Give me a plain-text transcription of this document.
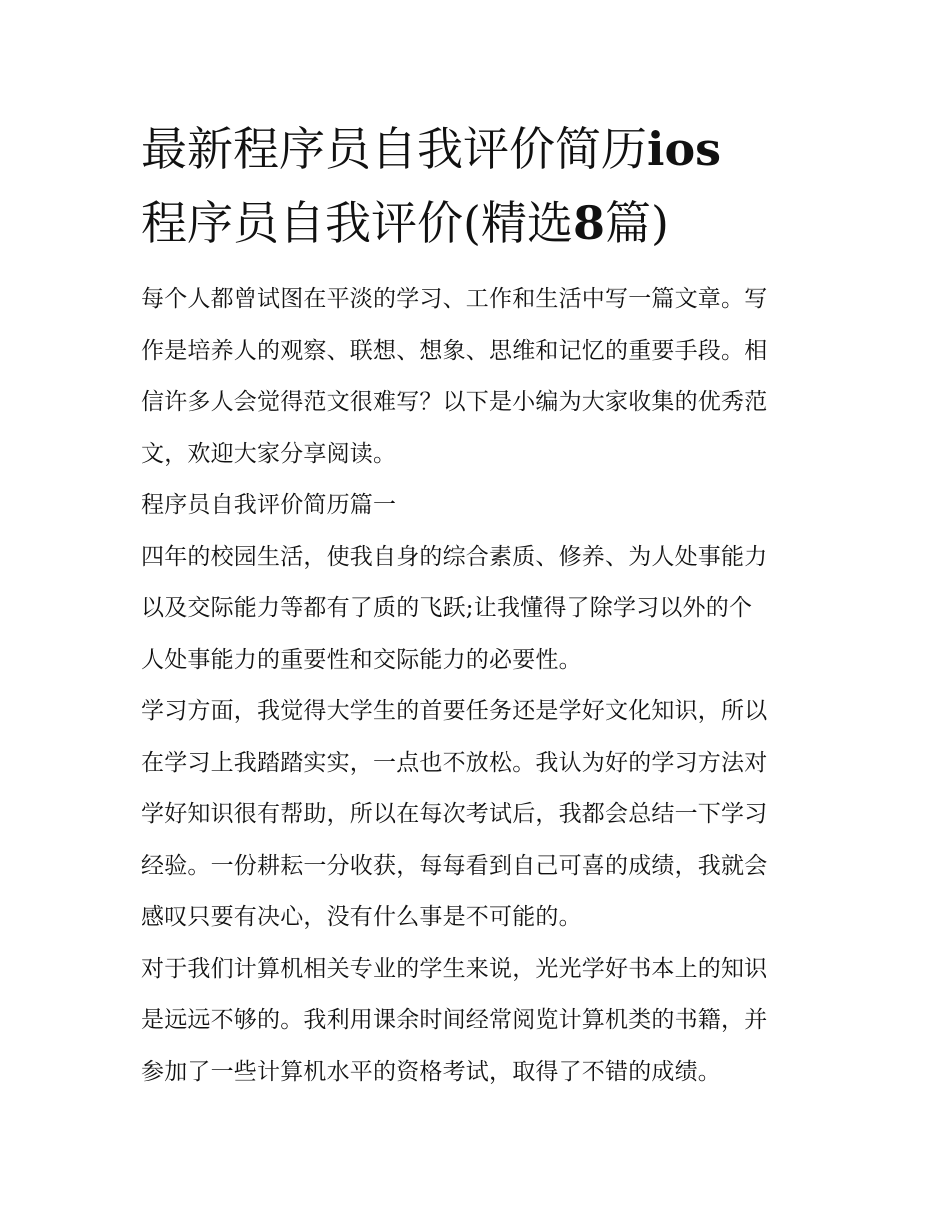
最新程序员自我评价简历ios
程序员自我评价(精选8篇)

每个人都曾试图在平淡的学习、工作和生活中写一篇文章。写
作是培养人的观察、联想、想象、思维和记忆的重要手段。相
信许多人会觉得范文很难写？以下是小编为大家收集的优秀范
文，欢迎大家分享阅读。

程序员自我评价简历篇一

四年的校园生活，使我自身的综合素质、修养、为人处事能力
以及交际能力等都有了质的飞跃;让我懂得了除学习以外的个
人处事能力的重要性和交际能力的必要性。

学习方面，我觉得大学生的首要任务还是学好文化知识，所以
在学习上我踏踏实实，一点也不放松。我认为好的学习方法对
学好知识很有帮助，所以在每次考试后，我都会总结一下学习
经验。一份耕耘一分收获，每每看到自己可喜的成绩，我就会
感叹只要有决心，没有什么事是不可能的。

对于我们计算机相关专业的学生来说，光光学好书本上的知识
是远远不够的。我利用课余时间经常阅览计算机类的书籍，并
参加了一些计算机水平的资格考试，取得了不错的成绩。
